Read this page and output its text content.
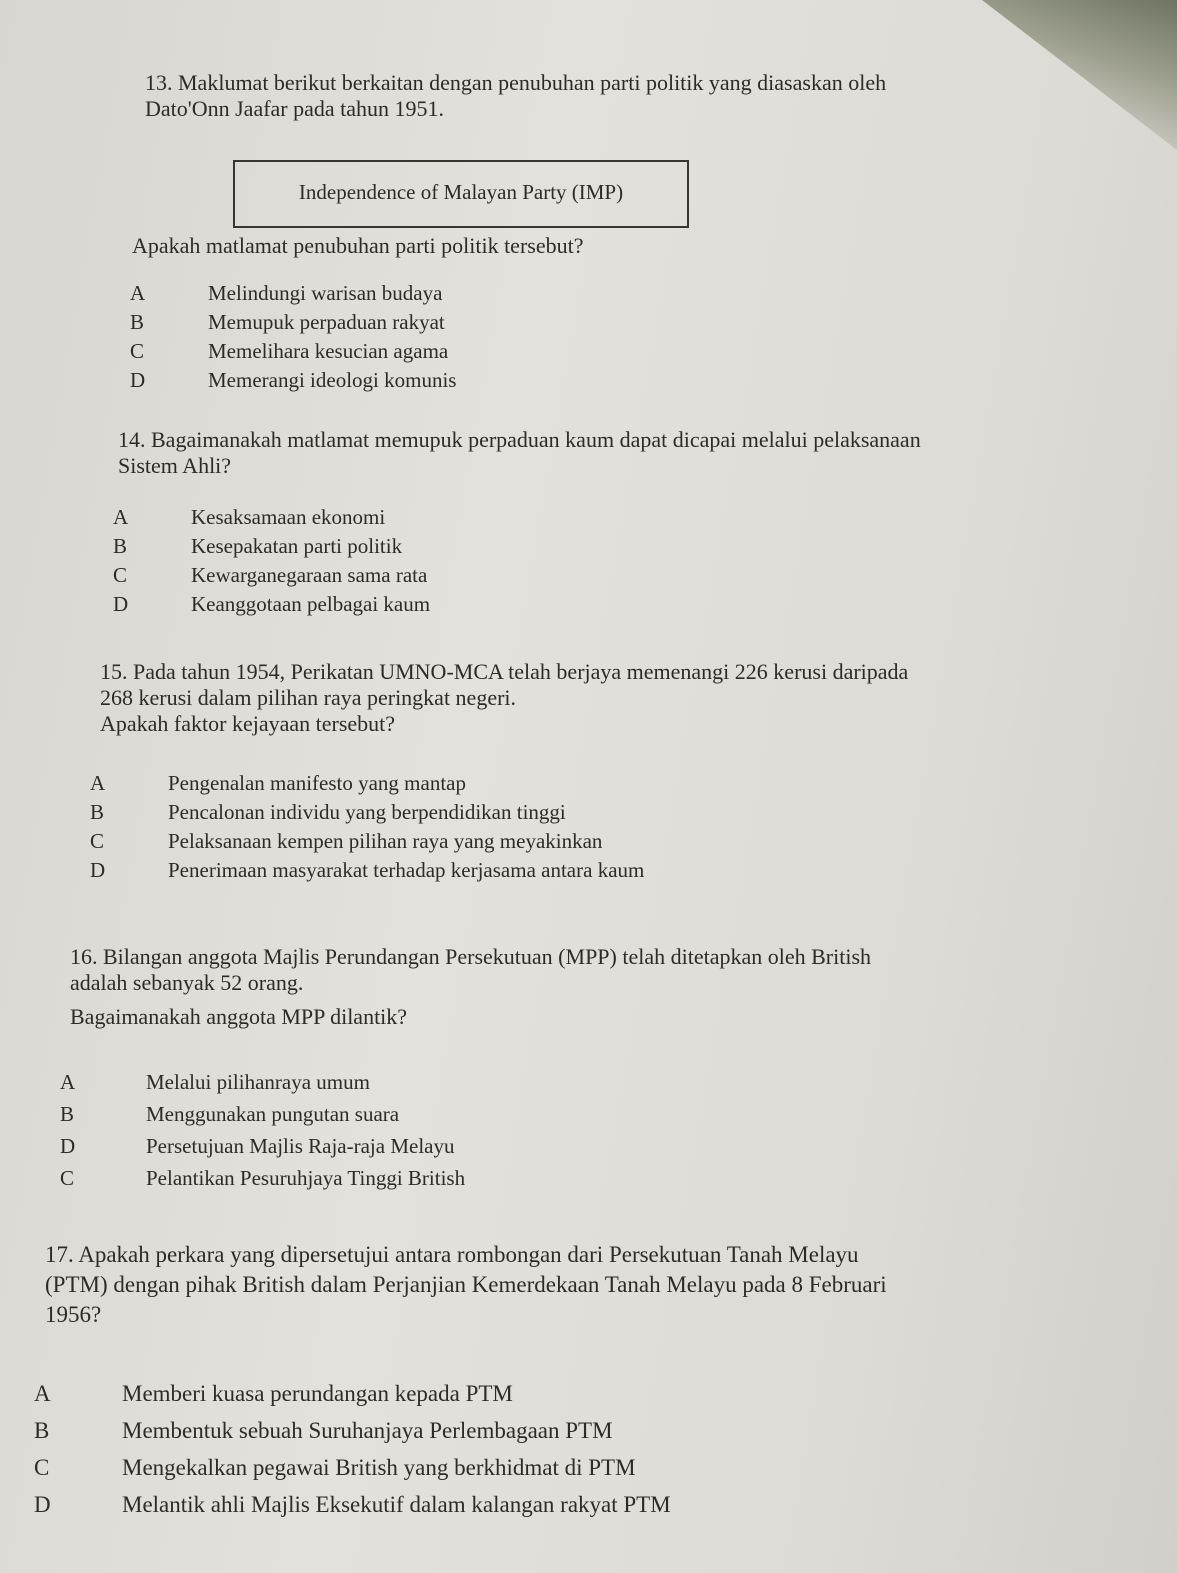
13. Maklumat berikut berkaitan dengan penubuhan parti politik yang diasaskan oleh

Dato'Onn Jaafar pada tahun 1951.

Independence of Malayan Party (IMP)
Apakah matlamat penubuhan parti politik tersebut?
A	Melindungi warisan budaya
B	Memupuk perpaduan rakyat
C	Memelihara kesucian agama
D	Memerangi ideologi komunis

14. Bagaimanakah matlamat memupuk perpaduan kaum dapat dicapai melalui pelaksanaan

Sistem Ahli?

A	Kesaksamaan ekonomi
B	Kesepakatan parti politik
C	Kewarganegaraan sama rata
D	Keanggotaan pelbagai kaum

15. Pada tahun 1954, Perikatan UMNO-MCA telah berjaya memenangi 226 kerusi daripada

268 kerusi dalam pilihan raya peringkat negeri.

Apakah faktor kejayaan tersebut?

A	Pengenalan manifesto yang mantap
B	Pencalonan individu yang berpendidikan tinggi
C	Pelaksanaan kempen pilihan raya yang meyakinkan
D	Penerimaan masyarakat terhadap kerjasama antara kaum

16. Bilangan anggota Majlis Perundangan Persekutuan (MPP) telah ditetapkan oleh British

adalah sebanyak 52 orang.

Bagaimanakah anggota MPP dilantik?

A	Melalui pilihanraya umum
B	Menggunakan pungutan suara
D	Persetujuan Majlis Raja-raja Melayu
C	Pelantikan Pesuruhjaya Tinggi British

17. Apakah perkara yang dipersetujui antara rombongan dari Persekutuan Tanah Melayu

(PTM) dengan pihak British dalam Perjanjian Kemerdekaan Tanah Melayu pada 8 Februari

1956?

A	Memberi kuasa perundangan kepada PTM
B	Membentuk sebuah Suruhanjaya Perlembagaan PTM
C	Mengekalkan pegawai British yang berkhidmat di PTM
D	Melantik ahli Majlis Eksekutif dalam kalangan rakyat PTM
